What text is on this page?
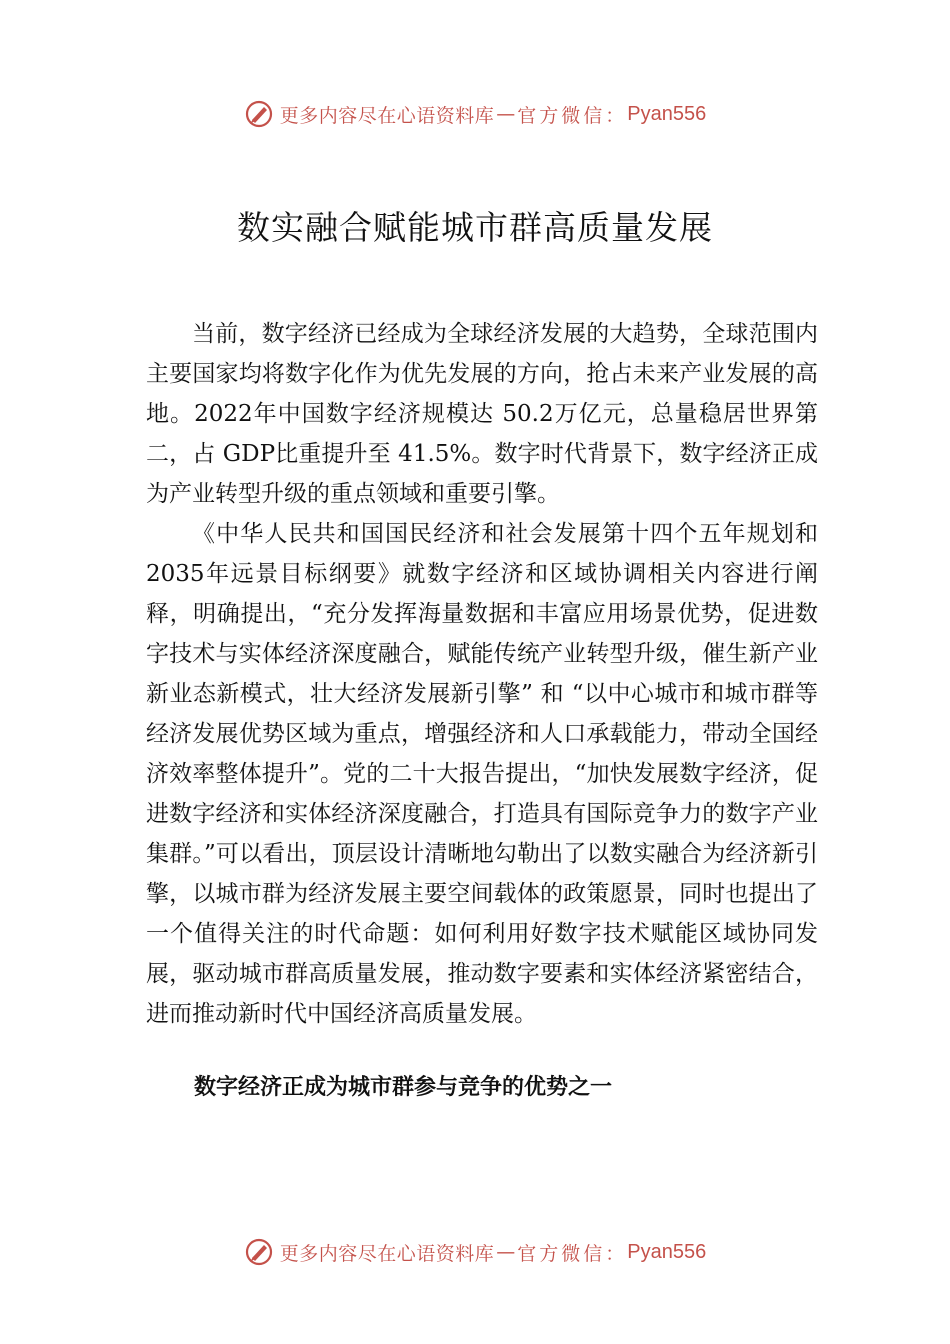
更多内容尽在心语资料库 — 官方微信： Pyan556
数实融合赋能城市群高质量发展

当前，数字经济已经成为全球经济发展的大趋势，全球范围内主要国家均将数字化作为优先发展的方向，抢占未来产业发展的高地。2022年中国数字经济规模达 50.2万亿元，总量稳居世界第二，占 GDP比重提升至 41.5%。数字时代背景下，数字经济正成为产业转型升级的重点领域和重要引擎。

《中华人民共和国国民经济和社会发展第十四个五年规划和 2035年远景目标纲要》就数字经济和区域协调相关内容进行阐释，明确提出，“充分发挥海量数据和丰富应用场景优势，促进数字技术与实体经济深度融合，赋能传统产业转型升级，催生新产业新业态新模式，壮大经济发展新引擎” 和 “以中心城市和城市群等经济发展优势区域为重点，增强经济和人口承载能力，带动全国经济效率整体提升”。党的二十大报告提出，“加快发展数字经济，促进数字经济和实体经济深度融合，打造具有国际竞争力的数字产业集群。”可以看出，顶层设计清晰地勾勒出了以数实融合为经济新引擎，以城市群为经济发展主要空间载体的政策愿景，同时也提出了一个值得关注的时代命题：如何利用好数字技术赋能区域协同发展，驱动城市群高质量发展，推动数字要素和实体经济紧密结合，进而推动新时代中国经济高质量发展。

数字经济正成为城市群参与竞争的优势之一
更多内容尽在心语资料库 — 官方微信： Pyan556
